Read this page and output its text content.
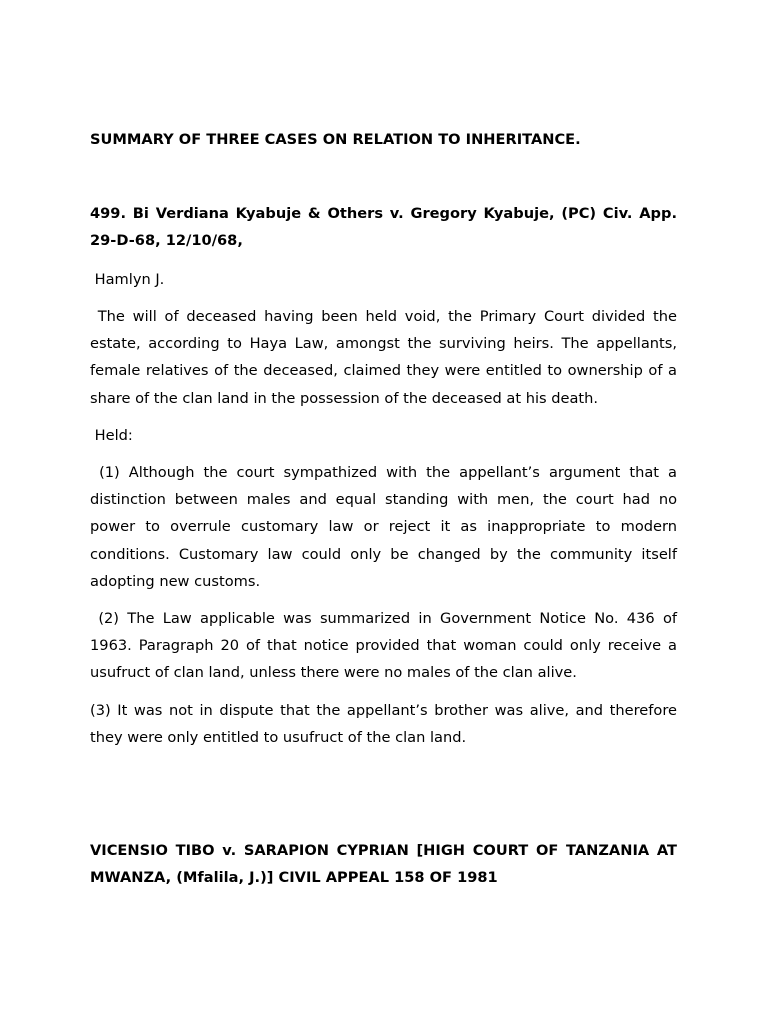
SUMMARY OF THREE CASES ON RELATION TO INHERITANCE.
499. Bi Verdiana Kyabuje & Others v. Gregory Kyabuje, (PC) Civ. App. 29-D-68, 12/10/68,
Hamlyn J.
The will of deceased having been held void, the Primary Court divided the estate, according to Haya Law, amongst the surviving heirs. The appellants, female relatives of the deceased, claimed they were entitled to ownership of a share of the clan land in the possession of the deceased at his death.
Held:
(1) Although the court sympathized with the appellant’s argument that a distinction between males and equal standing with men, the court had no power to overrule customary law or reject it as inappropriate to modern conditions. Customary law could only be changed by the community itself adopting new customs.
(2) The Law applicable was summarized in Government Notice No. 436 of 1963. Paragraph 20 of that notice provided that woman could only receive a usufruct of clan land, unless there were no males of the clan alive.
(3) It was not in dispute that the appellant’s brother was alive, and therefore they were only entitled to usufruct of the clan land.
VICENSIO TIBO v. SARAPION CYPRIAN [HIGH COURT OF TANZANIA AT MWANZA, (Mfalila, J.)] CIVIL APPEAL 158 OF 1981
